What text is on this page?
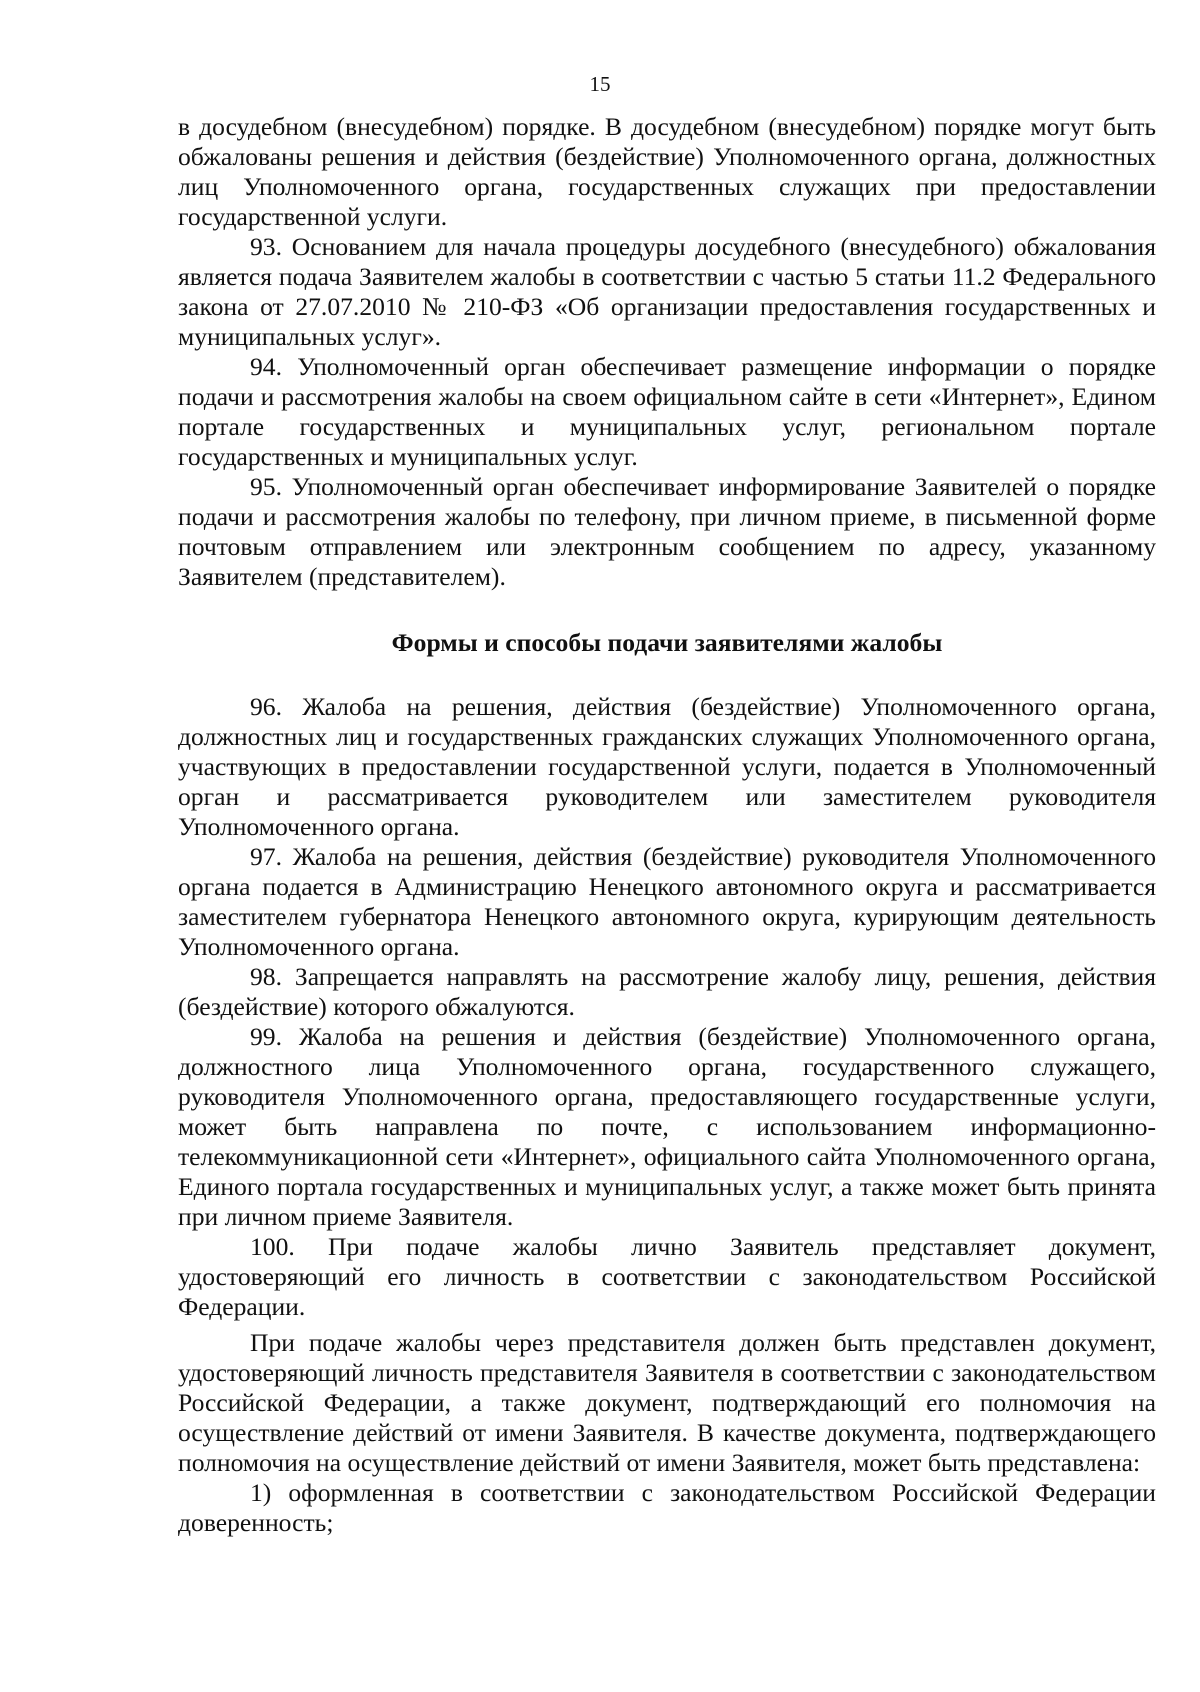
15

в досудебном (внесудебном) порядке. В досудебном (внесудебном) порядке могут быть обжалованы решения и действия (бездействие) Уполномоченного органа, должностных лиц Уполномоченного органа, государственных служащих при предоставлении государственной услуги.

93. Основанием для начала процедуры досудебного (внесудебного) обжалования является подача Заявителем жалобы в соответствии с частью 5 статьи 11.2 Федерального закона от 27.07.2010 № 210-ФЗ «Об организации предоставления государственных и муниципальных услуг».

94. Уполномоченный орган обеспечивает размещение информации о порядке подачи и рассмотрения жалобы на своем официальном сайте в сети «Интернет», Едином портале государственных и муниципальных услуг, региональном портале государственных и муниципальных услуг.

95. Уполномоченный орган обеспечивает информирование Заявителей о порядке подачи и рассмотрения жалобы по телефону, при личном приеме, в письменной форме почтовым отправлением или электронным сообщением по адресу, указанному Заявителем (представителем).

Формы и способы подачи заявителями жалобы

96. Жалоба на решения, действия (бездействие) Уполномоченного органа, должностных лиц и государственных гражданских служащих Уполномоченного органа, участвующих в предоставлении государственной услуги, подается в Уполномоченный орган и рассматривается руководителем или заместителем руководителя Уполномоченного органа.

97. Жалоба на решения, действия (бездействие) руководителя Уполномоченного органа подается в Администрацию Ненецкого автономного округа и рассматривается заместителем губернатора Ненецкого автономного округа, курирующим деятельность Уполномоченного органа.

98. Запрещается направлять на рассмотрение жалобу лицу, решения, действия (бездействие) которого обжалуются.

99. Жалоба на решения и действия (бездействие) Уполномоченного органа, должностного лица Уполномоченного органа, государственного служащего, руководителя Уполномоченного органа, предоставляющего государственные услуги, может быть направлена по почте, с использованием информационно-телекоммуникационной сети «Интернет», официального сайта Уполномоченного органа, Единого портала государственных и муниципальных услуг, а также может быть принята при личном приеме Заявителя.

100. При подаче жалобы лично Заявитель представляет документ, удостоверяющий его личность в соответствии с законодательством Российской Федерации.

При подаче жалобы через представителя должен быть представлен документ, удостоверяющий личность представителя Заявителя в соответствии с законодательством Российской Федерации, а также документ, подтверждающий его полномочия на осуществление действий от имени Заявителя. В качестве документа, подтверждающего полномочия на осуществление действий от имени Заявителя, может быть представлена:

1) оформленная в соответствии с законодательством Российской Федерации доверенность;
